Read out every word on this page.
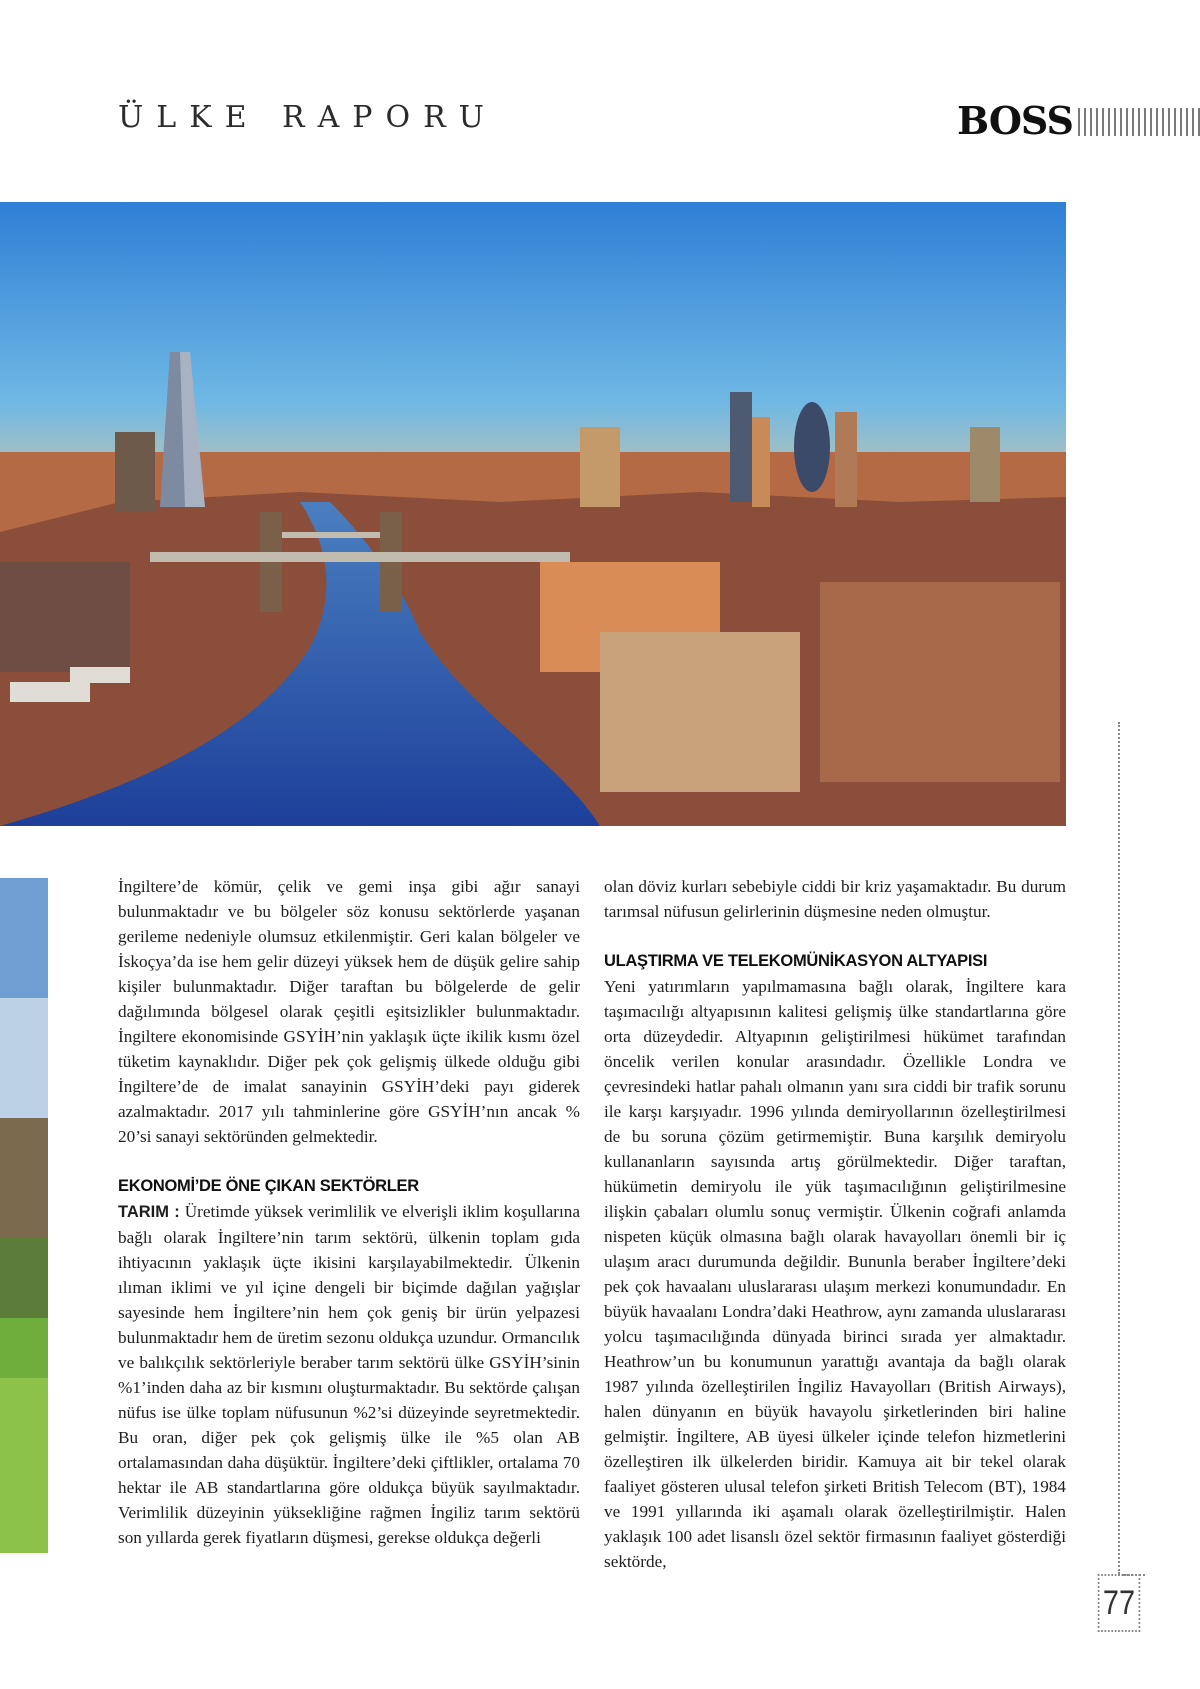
ÜLKE RAPORU	BOSS

İngiltere’de kömür, çelik ve gemi inşa gibi ağır sanayi bulunmaktadır ve bu bölgeler söz konusu sektörlerde yaşanan gerileme nedeniyle olumsuz etkilenmiştir. Geri kalan bölgeler ve İskoçya’da ise hem gelir düzeyi yüksek hem de düşük gelire sahip kişiler bulunmaktadır. Diğer taraftan bu bölgelerde de gelir dağılımında bölgesel olarak çeşitli eşitsizlikler bulunmaktadır. İngiltere ekonomisinde GSYİH’nin yaklaşık üçte ikilik kısmı özel tüketim kaynaklıdır. Diğer pek çok gelişmiş ülkede olduğu gibi İngiltere’de de imalat sanayinin GSYİH’deki payı giderek azalmaktadır. 2017 yılı tahminlerine göre GSYİH’nın ancak % 20’si sanayi sektöründen gelmektedir.

EKONOMİ’DE ÖNE ÇIKAN SEKTÖRLER

TARIM : Üretimde yüksek verimlilik ve elverişli iklim koşullarına bağlı olarak İngiltere’nin tarım sektörü, ülkenin toplam gıda ihtiyacının yaklaşık üçte ikisini karşılayabilmektedir. Ülkenin ılıman iklimi ve yıl içine dengeli bir biçimde dağılan yağışlar sayesinde hem İngiltere’nin hem çok geniş bir ürün yelpazesi bulunmaktadır hem de üretim sezonu oldukça uzundur. Ormancılık ve balıkçılık sektörleriyle beraber tarım sektörü ülke GSYİH’sinin %1’inden daha az bir kısmını oluşturmaktadır. Bu sektörde çalışan nüfus ise ülke toplam nüfusunun %2’si düzeyinde seyretmektedir. Bu oran, diğer pek çok gelişmiş ülke ile %5 olan AB ortalamasından daha düşüktür. İngiltere’deki çiftlikler, ortalama 70 hektar ile AB standartlarına göre oldukça büyük sayılmaktadır. Verimlilik düzeyinin yüksekliğine rağmen İngiliz tarım sektörü son yıllarda gerek fiyatların düşmesi, gerekse oldukça değerli

olan döviz kurları sebebiyle ciddi bir kriz yaşamaktadır. Bu durum tarımsal nüfusun gelirlerinin düşmesine neden olmuştur.

ULAŞTIRMA VE TELEKOMÜNİKASYON ALTYAPISI

Yeni yatırımların yapılmamasına bağlı olarak, İngiltere kara taşımacılığı altyapısının kalitesi gelişmiş ülke standartlarına göre orta düzeydedir. Altyapının geliştirilmesi hükümet tarafından öncelik verilen konular arasındadır. Özellikle Londra ve çevresindeki hatlar pahalı olmanın yanı sıra ciddi bir trafik sorunu ile karşı karşıyadır. 1996 yılında demiryollarının özelleştirilmesi de bu soruna çözüm getirmemiştir. Buna karşılık demiryolu kullananların sayısında artış görülmektedir. Diğer taraftan, hükümetin demiryolu ile yük taşımacılığının geliştirilmesine ilişkin çabaları olumlu sonuç vermiştir. Ülkenin coğrafi anlamda nispeten küçük olmasına bağlı olarak havayolları önemli bir iç ulaşım aracı durumunda değildir. Bununla beraber İngiltere’deki pek çok havaalanı uluslararası ulaşım merkezi konumundadır. En büyük havaalanı Londra’daki Heathrow, aynı zamanda uluslararası yolcu taşımacılığında dünyada birinci sırada yer almaktadır. Heathrow’un bu konumunun yarattığı avantaja da bağlı olarak 1987 yılında özelleştirilen İngiliz Havayolları (British Airways), halen dünyanın en büyük havayolu şirketlerinden biri haline gelmiştir. İngiltere, AB üyesi ülkeler içinde telefon hizmetlerini özelleştiren ilk ülkelerden biridir. Kamuya ait bir tekel olarak faaliyet gösteren ulusal telefon şirketi British Telecom (BT), 1984 ve 1991 yıllarında iki aşamalı olarak özelleştirilmiştir. Halen yaklaşık 100 adet lisanslı özel sektör firmasının faaliyet gösterdiği sektörde,

77
